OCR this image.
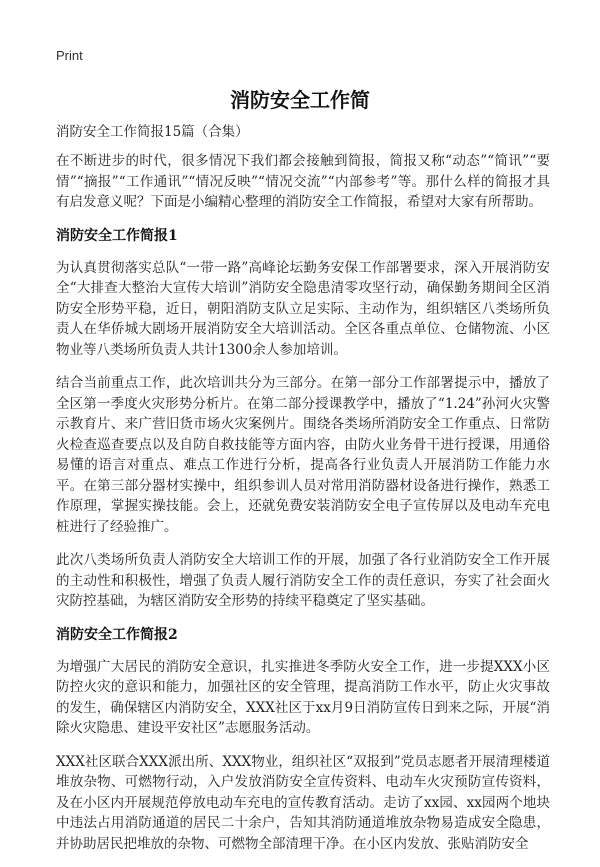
Print
消防安全工作简
消防安全工作简报15篇（合集）

在不断进步的时代，很多情况下我们都会接触到简报，简报又称“动态”“简讯”“要情”“摘报”“工作通讯”“情况反映”“情况交流”“内部参考”等。那什么样的简报才具有启发意义呢？下面是小编精心整理的消防安全工作简报，希望对大家有所帮助。

消防安全工作简报1

为认真贯彻落实总队“一带一路”高峰论坛勤务安保工作部署要求，深入开展消防安全“大排查大整治大宣传大培训”消防安全隐患清零攻坚行动，确保勤务期间全区消防安全形势平稳，近日，朝阳消防支队立足实际、主动作为，组织辖区八类场所负责人在华侨城大剧场开展消防安全大培训活动。全区各重点单位、仓储物流、小区物业等八类场所负责人共计1300余人参加培训。

结合当前重点工作，此次培训共分为三部分。在第一部分工作部署提示中，播放了全区第一季度火灾形势分析片。在第二部分授课教学中，播放了“1.24”孙河火灾警示教育片、来广营旧货市场火灾案例片。围绕各类场所消防安全工作重点、日常防火检查巡查要点以及自防自救技能等方面内容，由防火业务骨干进行授课，用通俗易懂的语言对重点、难点工作进行分析，提高各行业负责人开展消防工作能力水平。在第三部分器材实操中，组织参训人员对常用消防器材设备进行操作，熟悉工作原理，掌握实操技能。会上，还就免费安装消防安全电子宣传屏以及电动车充电桩进行了经验推广。

此次八类场所负责人消防安全大培训工作的开展，加强了各行业消防安全工作开展的主动性和积极性，增强了负责人履行消防安全工作的责任意识，夯实了社会面火灾防控基础，为辖区消防安全形势的持续平稳奠定了坚实基础。

消防安全工作简报2

为增强广大居民的消防安全意识，扎实推进冬季防火安全工作，进一步提XXX小区防控火灾的意识和能力，加强社区的安全管理，提高消防工作水平，防止火灾事故的发生，确保辖区内消防安全，XXX社区于xx月9日消防宣传日到来之际，开展“消除火灾隐患、建设平安社区”志愿服务活动。

XXX社区联合XXX派出所、XXX物业，组织社区“双报到”党员志愿者开展清理楼道堆放杂物、可燃物行动，入户发放消防安全宣传资料、电动车火灾预防宣传资料，及在小区内开展规范停放电动车充电的宣传教育活动。走访了xx园、xx园两个地块中违法占用消防通道的居民二十余户，告知其消防通道堆放杂物易造成安全隐患，并协助居民把堆放的杂物、可燃物全部清理干净。在小区内发放、张贴消防安全
